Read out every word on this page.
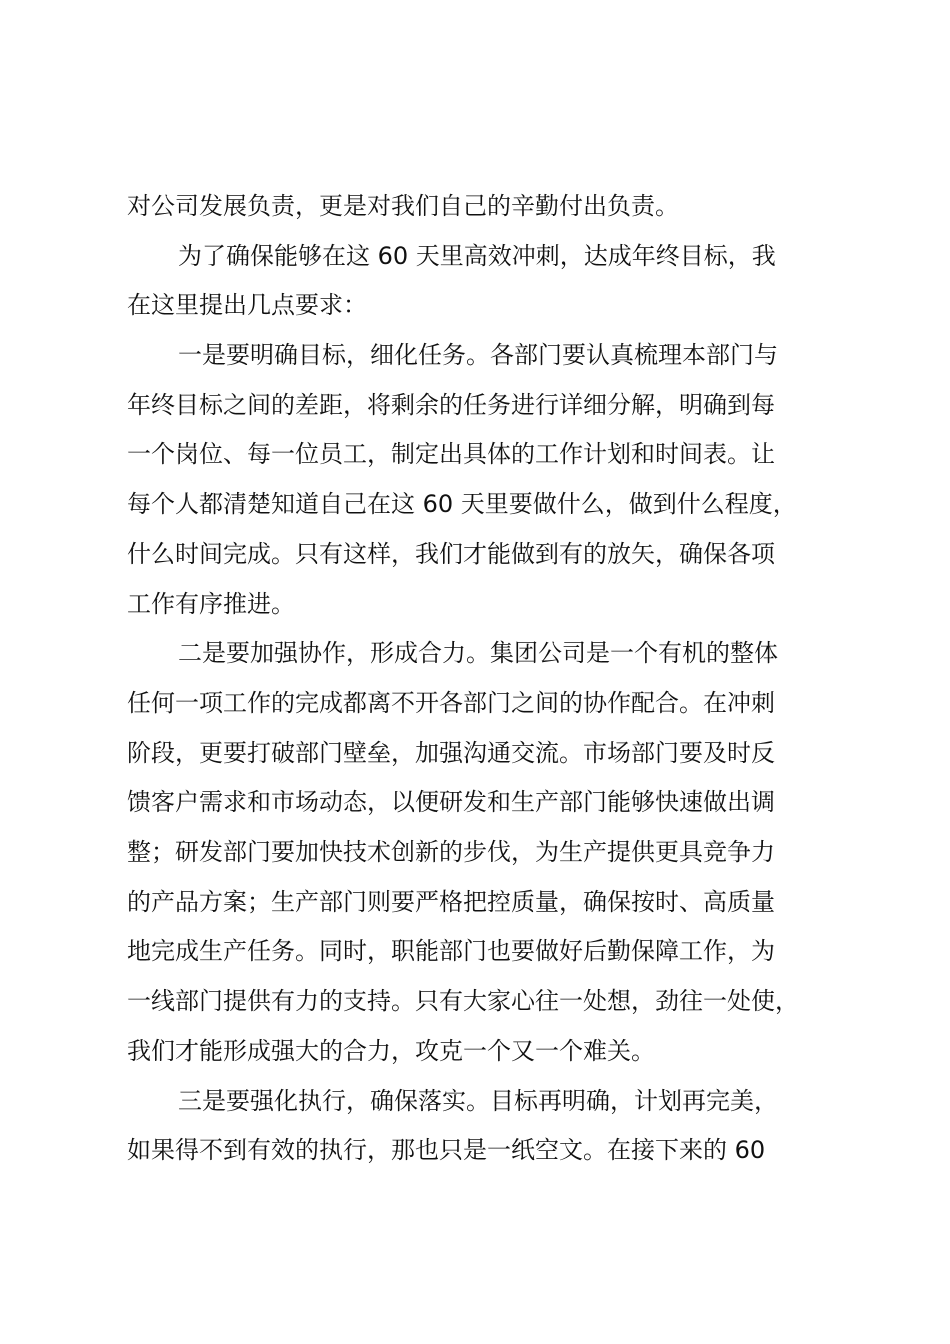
对公司发展负责，更是对我们自己的辛勤付出负责。
为了确保能够在这 60 天里高效冲刺，达成年终目标，我
在这里提出几点要求：
一是要明确目标，细化任务。各部门要认真梳理本部门与
年终目标之间的差距，将剩余的任务进行详细分解，明确到每
一个岗位、每一位员工，制定出具体的工作计划和时间表。让
每个人都清楚知道自己在这 60 天里要做什么，做到什么程度，
什么时间完成。只有这样，我们才能做到有的放矢，确保各项
工作有序推进。
二是要加强协作，形成合力。集团公司是一个有机的整体
任何一项工作的完成都离不开各部门之间的协作配合。在冲刺
阶段，更要打破部门壁垒，加强沟通交流。市场部门要及时反
馈客户需求和市场动态，以便研发和生产部门能够快速做出调
整；研发部门要加快技术创新的步伐，为生产提供更具竞争力
的产品方案；生产部门则要严格把控质量，确保按时、高质量
地完成生产任务。同时，职能部门也要做好后勤保障工作，为
一线部门提供有力的支持。只有大家心往一处想，劲往一处使，
我们才能形成强大的合力，攻克一个又一个难关。
三是要强化执行，确保落实。目标再明确，计划再完美，
如果得不到有效的执行，那也只是一纸空文。在接下来的 60
